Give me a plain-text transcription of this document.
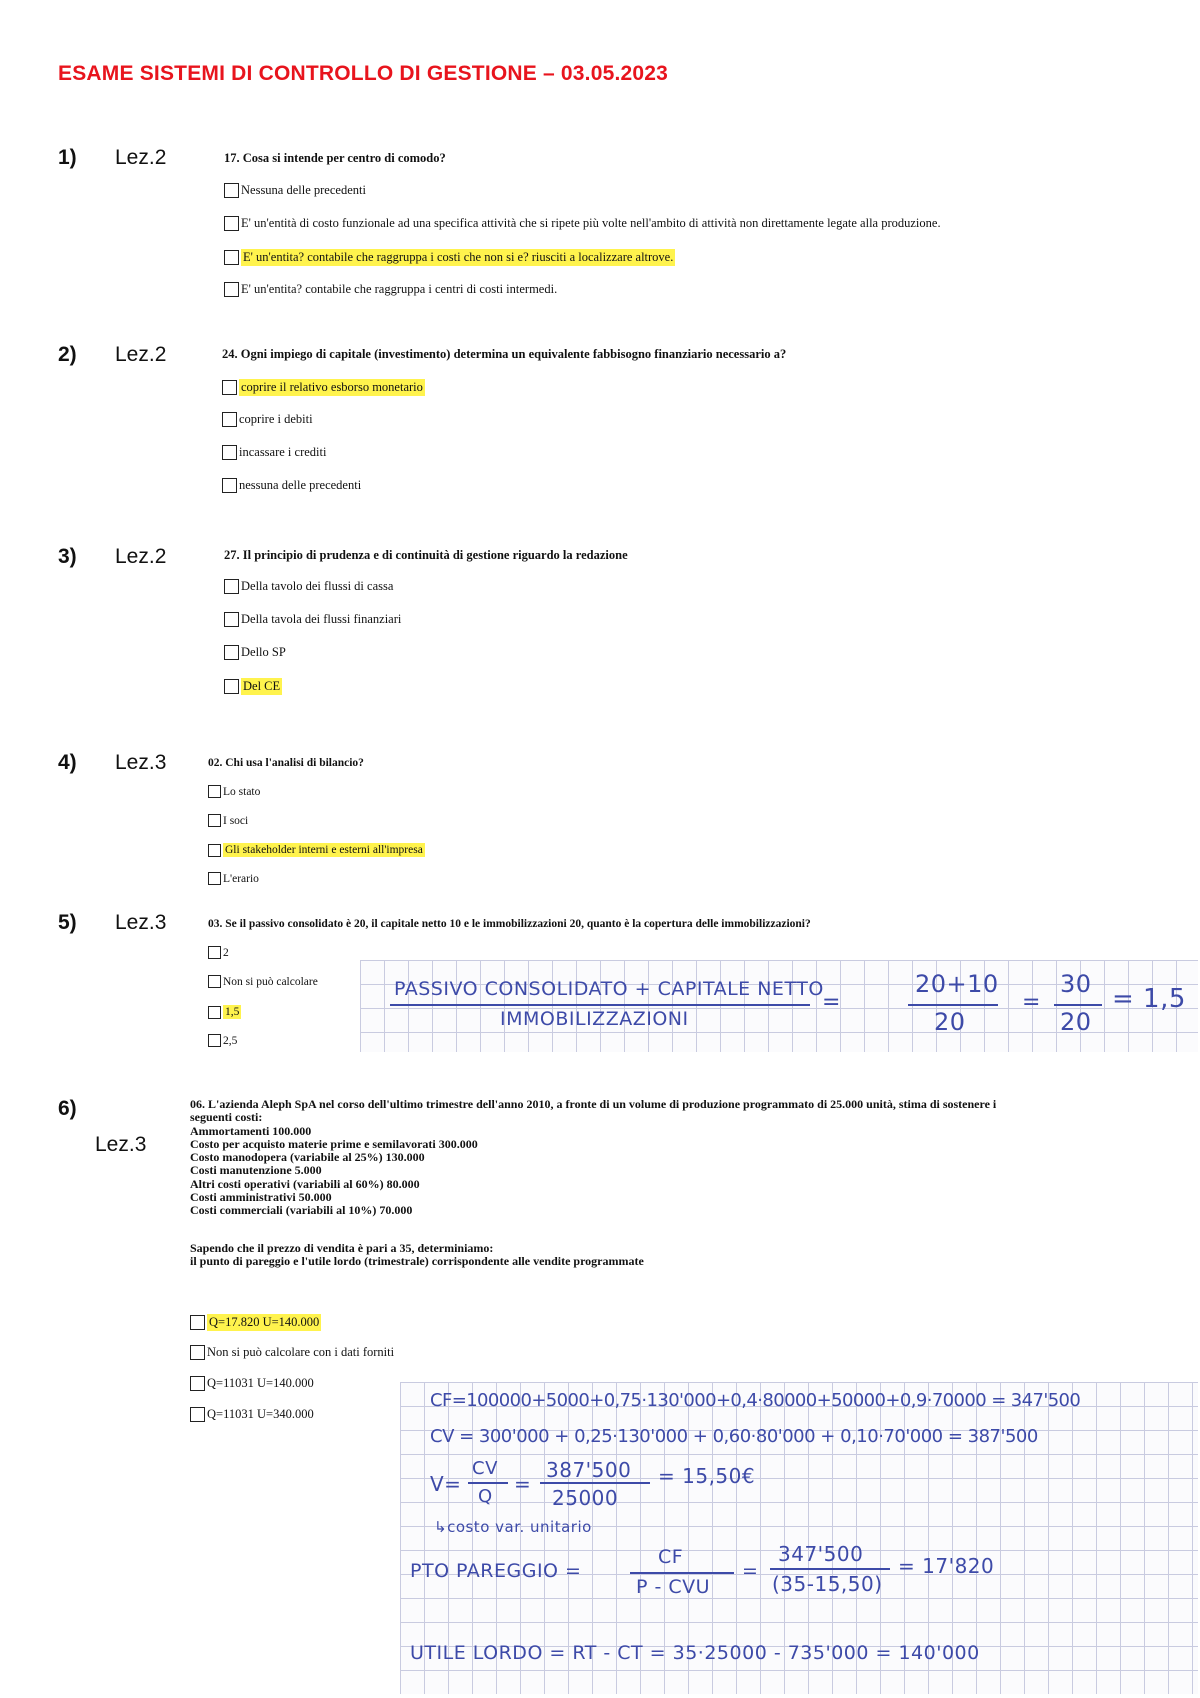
ESAME SISTEMI DI CONTROLLO DI GESTIONE – 03.05.2023
1) Lez.2	17. Cosa si intende per centro di comodo?
Nessuna delle precedenti
E' un'entità di costo funzionale ad una specifica attività che si ripete più volte nell'ambito di attività non direttamente legate alla produzione.
E' un'entita? contabile che raggruppa i costi che non si e? riusciti a localizzare altrove.
E' un'entita? contabile che raggruppa i centri di costi intermedi.
2) Lez.2	24. Ogni impiego di capitale (investimento) determina un equivalente fabbisogno finanziario necessario a?
coprire il relativo esborso monetario
coprire i debiti
incassare i crediti
nessuna delle precedenti
3) Lez.2	27. Il principio di prudenza e di continuità di gestione riguardo la redazione
Della tavolo dei flussi di cassa
Della tavola dei flussi finanziari
Dello SP
Del CE
4) Lez.3	02. Chi usa l'analisi di bilancio?
Lo stato
I soci
Gli stakeholder interni e esterni all'impresa
L'erario
5) Lez.3	03. Se il passivo consolidato è 20, il capitale netto 10 e le immobilizzazioni 20, quanto è la copertura delle immobilizzazioni?
2
Non si può calcolare
1,5
2,5
PASSIVO CONSOLIDATO + CAPITALE NETTO
IMMOBILIZZAZIONI
=
20+10
20
=
30
20
= 1,5
6)
Lez.3
06. L'azienda Aleph SpA nel corso dell'ultimo trimestre dell'anno 2010, a fronte di un volume di produzione programmato di 25.000 unità, stima di sostenere i
seguenti costi:
Ammortamenti 100.000
Costo per acquisto materie prime e semilavorati 300.000
Costo manodopera (variabile al 25%) 130.000
Costi manutenzione 5.000
Altri costi operativi (variabili al 60%) 80.000
Costi amministrativi 50.000
Costi commerciali (variabili al 10%) 70.000
Sapendo che il prezzo di vendita è pari a 35, determiniamo:
il punto di pareggio e l'utile lordo (trimestrale) corrispondente alle vendite programmate
Q=17.820 U=140.000
Non si può calcolare con i dati forniti
Q=11031 U=140.000
Q=11031 U=340.000
CF=100000+5000+0,75·130'000+0,4·80000+50000+0,9·70000 = 347'500
CV = 300'000 + 0,25·130'000 + 0,60·80'000 + 0,10·70'000 = 387'500
V=
CV
Q
=
387'500
25000
= 15,50€
↳costo var. unitario
PTO PAREGGIO =
CF
P - CVU
=
347'500
(35-15,50)
= 17'820
UTILE LORDO = RT - CT = 35·25000 - 735'000 = 140'000
